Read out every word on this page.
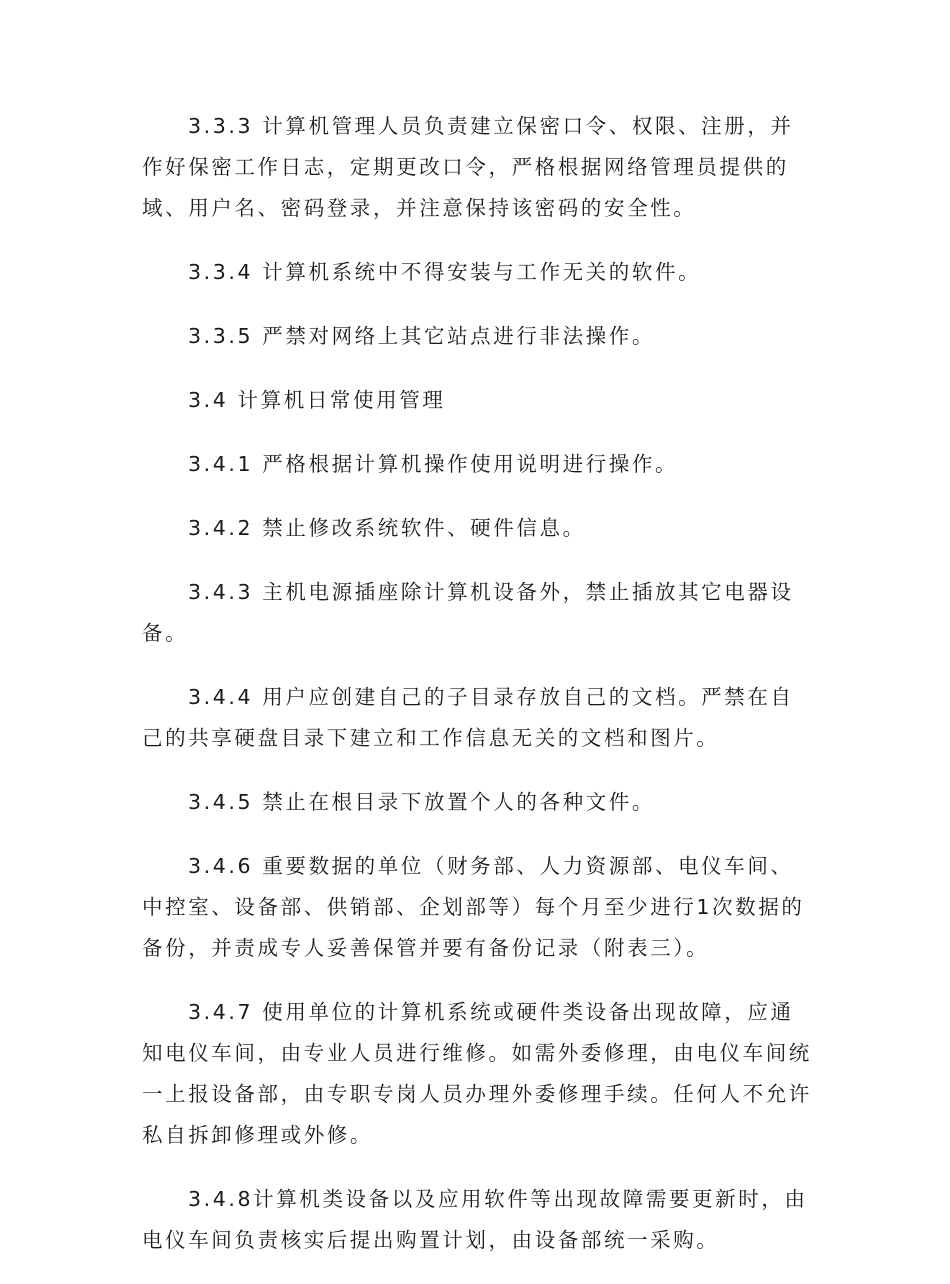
3.3.3 计算机管理人员负责建立保密口令、权限、注册，并作好保密工作日志，定期更改口令，严格根据网络管理员提供的域、用户名、密码登录，并注意保持该密码的安全性。

3.3.4 计算机系统中不得安装与工作无关的软件。

3.3.5 严禁对网络上其它站点进行非法操作。

3.4 计算机日常使用管理

3.4.1 严格根据计算机操作使用说明进行操作。

3.4.2 禁止修改系统软件、硬件信息。

3.4.3 主机电源插座除计算机设备外，禁止插放其它电器设备。

3.4.4 用户应创建自己的子目录存放自己的文档。严禁在自己的共享硬盘目录下建立和工作信息无关的文档和图片。

3.4.5 禁止在根目录下放置个人的各种文件。

3.4.6 重要数据的单位（财务部、人力资源部、电仪车间、中控室、设备部、供销部、企划部等）每个月至少进行1次数据的备份，并责成专人妥善保管并要有备份记录（附表三）。

3.4.7 使用单位的计算机系统或硬件类设备出现故障，应通知电仪车间，由专业人员进行维修。如需外委修理，由电仪车间统一上报设备部，由专职专岗人员办理外委修理手续。任何人不允许私自拆卸修理或外修。

3.4.8计算机类设备以及应用软件等出现故障需要更新时，由电仪车间负责核实后提出购置计划，由设备部统一采购。
